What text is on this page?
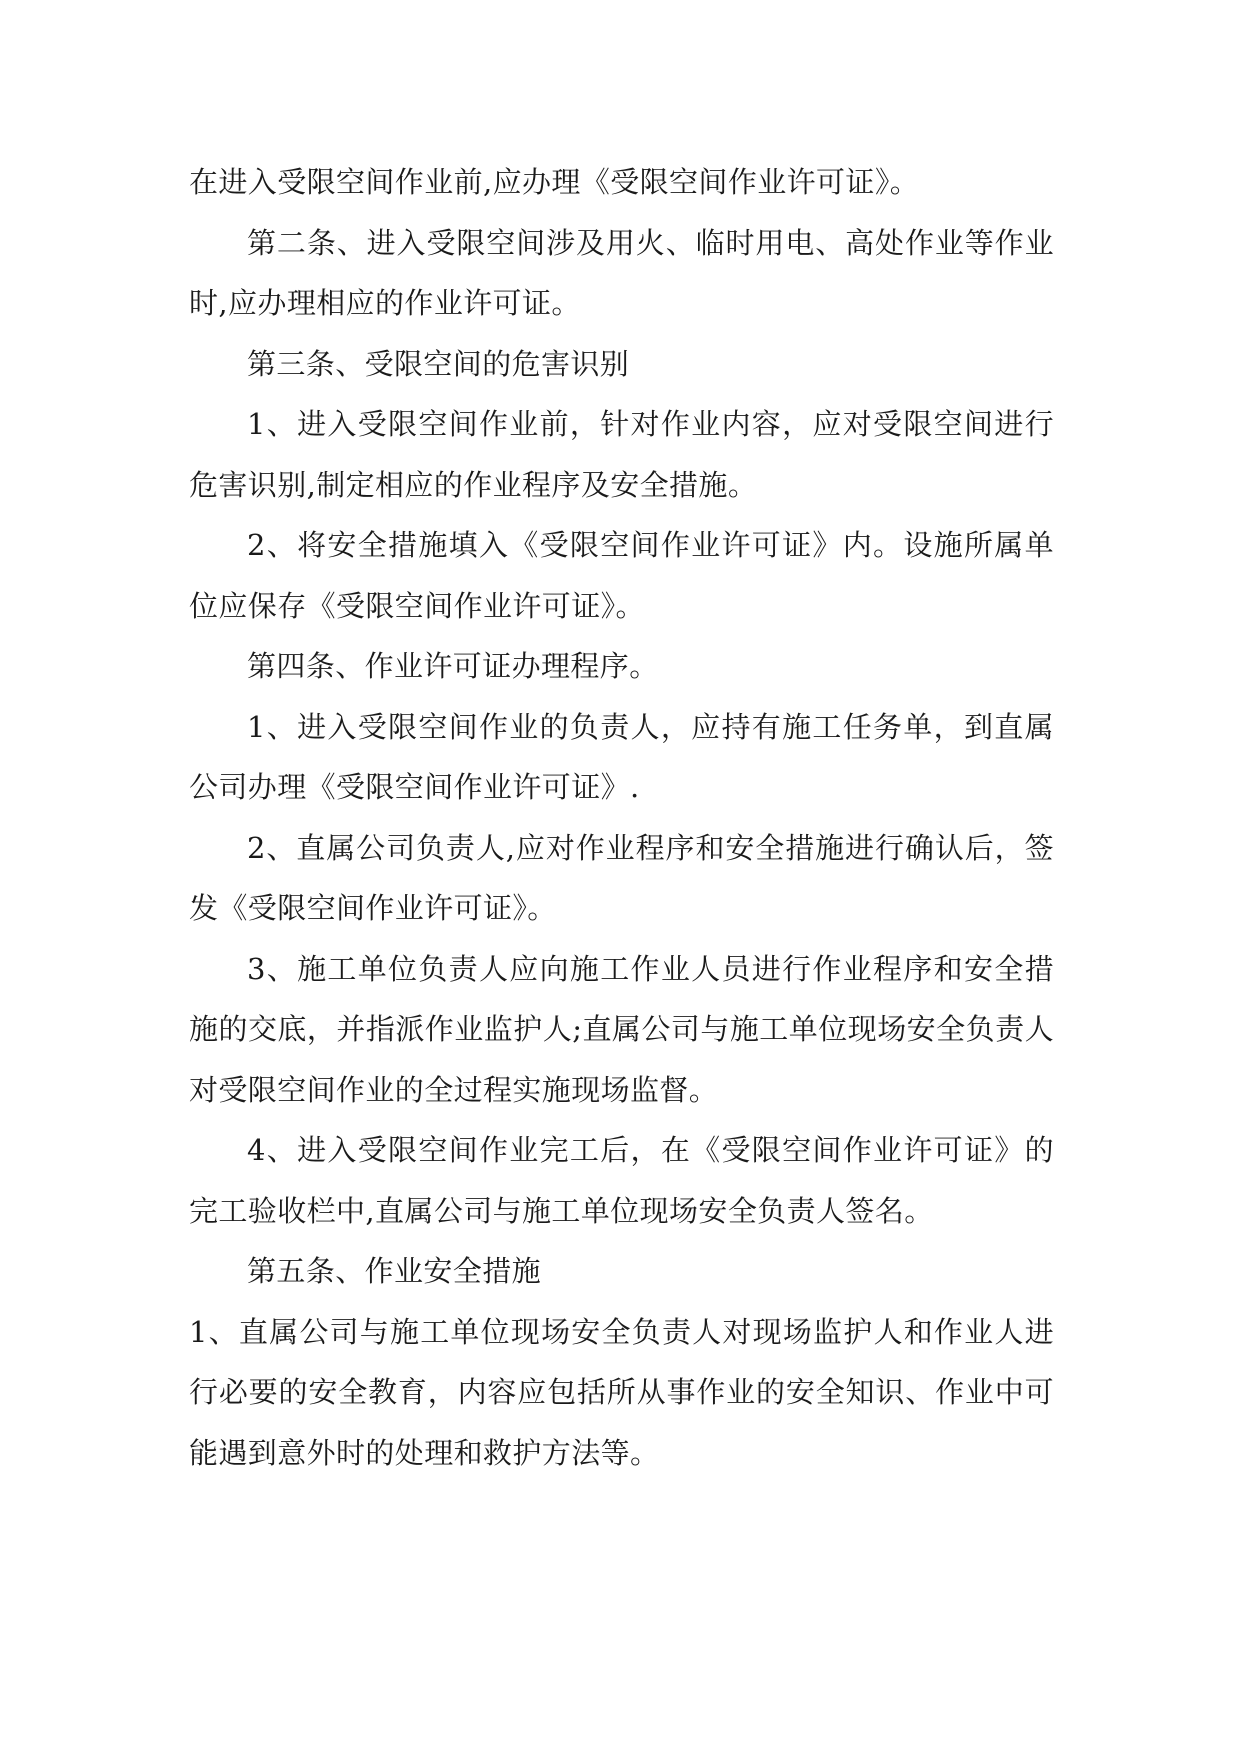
在进入受限空间作业前,应办理《受限空间作业许可证》。

第二条、进入受限空间涉及用火、临时用电、高处作业等作业时,应办理相应的作业许可证。

第三条、受限空间的危害识别

1、进入受限空间作业前，针对作业内容，应对受限空间进行危害识别,制定相应的作业程序及安全措施。

2、将安全措施填入《受限空间作业许可证》内。设施所属单位应保存《受限空间作业许可证》。

第四条、作业许可证办理程序。

1、进入受限空间作业的负责人，应持有施工任务单，到直属公司办理《受限空间作业许可证》.

2、直属公司负责人,应对作业程序和安全措施进行确认后，签发《受限空间作业许可证》。

3、施工单位负责人应向施工作业人员进行作业程序和安全措施的交底，并指派作业监护人;直属公司与施工单位现场安全负责人对受限空间作业的全过程实施现场监督。

4、进入受限空间作业完工后，在《受限空间作业许可证》的完工验收栏中,直属公司与施工单位现场安全负责人签名。

第五条、作业安全措施

1、直属公司与施工单位现场安全负责人对现场监护人和作业人进行必要的安全教育，内容应包括所从事作业的安全知识、作业中可能遇到意外时的处理和救护方法等。
